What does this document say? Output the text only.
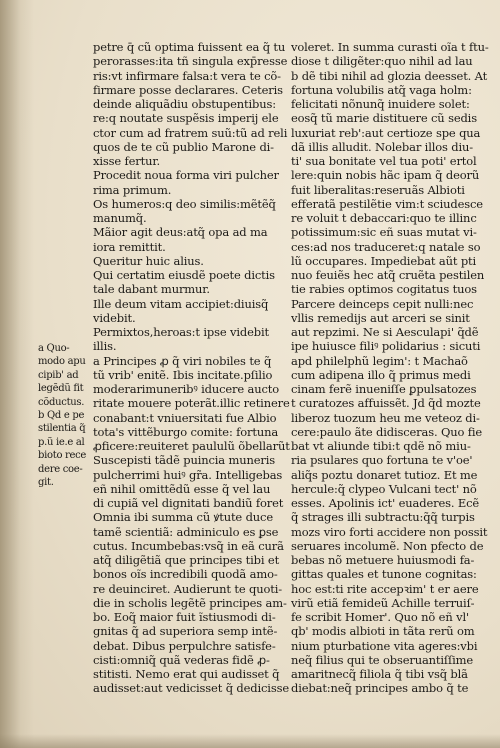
a Quo-
modo apu
cipib' ad
legẽdũ fit
cõductus.
b Qd e pe
stilentia q̃
p.ũ ie.e al
bioto rece
dere coe-
git.
petre q̄ cũ optima fuissent ea q̃ tu
perorasses:ita tñ singula exp̄resse
ris:vt infirmare falsa:t vera te cõ-
firmare posse declarares. Ceteris
deinde aliquãdiu obstupentibus:
re:q noutate suspẽsis imperij ele
ctor cum ad fratrem suũ:tũ ad reli
quos de te cũ publio Marone di-
xisse fertur.
Procedit noua forma viri pulcher
rima primum.
Os humeros:q deo similis:mẽtẽq̃
manumq̃.
Mãior agit deus:atq̃ opa ad ma
iora remittit.
Queritur huic alius.
Qui certatim eiusdẽ poete dictis
tale dabant murmur.
Ille deum vitam accipiet:diuisq̃
videbit.
Permixtos,heroas:t ipse videbit
illis.
a Principes ꝓ q̃ viri nobiles te q̃
tũ vrib' enitẽ. Ibis incitate.pſilio
moderarimuneribꝰ iducere aucto
ritate mouere poterãt.illic retinere
conabant:t vniuersitati fue Albio
tota's vittẽburgo comite: fortuna
ꝓficere:reuiteret paululũ õbellarũt
Suscepisti tãdẽ puincia muneris
pulcherrimi huiꝰ gr̃a. Intelligebas
eñ nihil omittẽdũ esse q̃ vel lau
di cupiã vel dignitati bandiũ foret
Omnia ibi summa cũ ꝟtute duce
tamẽ scientiã: adminiculo es ꝑse
cutus. Incumbebas:vsq̃ in eã curã
atq̃ diligẽtiã que principes tibi et
bonos oĩs incredibili quodã amo-
re deuinciret. Audierunt te quoti-
die in scholis legẽtẽ principes am-
bo. Eoq̃ maior fuit ĩstiusmodi di-
gnitas q̃ ad superiora semp intẽ-
debat. Dibus perpulchre satisfe-
cisti:omniq̃ quã vederas fidẽ ꝓ-
stitisti. Nemo erat qui audisset q̃
audisset:aut vedicisset q̃ dedicisse
voleret. In summa curasti oĩa t ftu-
diose t diligẽter:quo nihil ad lau
b dẽ tibi nihil ad glozia deesset. At
fortuna volubilis atq̃ vaga holm:
felicitati nõnunq̃ inuidere solet:
eosq̃ tũ marie distituere cũ sedis
luxuriat reb':aut certioze spe qua
dã illis alludit. Nolebar illos diu-
ti' sua bonitate vel tua poti' ertol
lere:quin nobis hãc ipam q̃ deorũ
fuit liberalitas:reseruãs Albioti
efferatã pestilẽtie vim:t sciudesce
re voluit t debaccari:quo te illinc
potissimum:sic eñ suas mutat vi-
ces:ad nos traduceret:q natale so
lũ occupares. Impediebat aũt pti
nuo feuiẽs hec atq̃ cruẽta pestilen
tie rabies optimos cogitatus tuos
Parcere deinceps cepit nulli:nec
vllis remedijs aut arceri se sinit
aut repzimi. Ne si Aesculapi' q̃dẽ
ipe huiusce filiꝰ polidarius : sicuti
apd philelphũ legim': t Machaõ
cum adipena illo q̃ primus medi
cinam ferẽ inueniſſe ꝑpulsatozes
t curatozes affuissẽt. Jd q̃d mozte
liberoz tuozum heu me veteoz di-
cere:paulo ãte didisceras. Quo fie
bat vt aliunde tibi:t qdẽ nõ miu-
ria psulares quo fortuna te v'oe'
aliq̃s poztu donaret tutioz. Et me
hercule:q̃ clypeo Vulcani tect' nõ
esses. Apolinis ict' euaderes. Ecẽ
q̃ strages illi subtractu:q̃q̃ turpis
mozs viro forti accidere non possit
seruares incolumẽ. Non pfecto de
bebas nõ metuere huiusmodi fa-
gittas quales et tunone cognitas:
hoc est:ti rite accepꝛim' t er aere
virũ etiã femideũ Achille terruiſ-
fe scribit Homer'. Quo nõ eñ vl'
qb' modis albioti in tãta rerũ om
nium pturbatione vita ageres:vbi
neq̃ filius qui te obseruantiſſime
amaritnecq̃ filiola q̃ tibi vsq̃ blã
diebat:neq̃ principes ambo q̃ te
